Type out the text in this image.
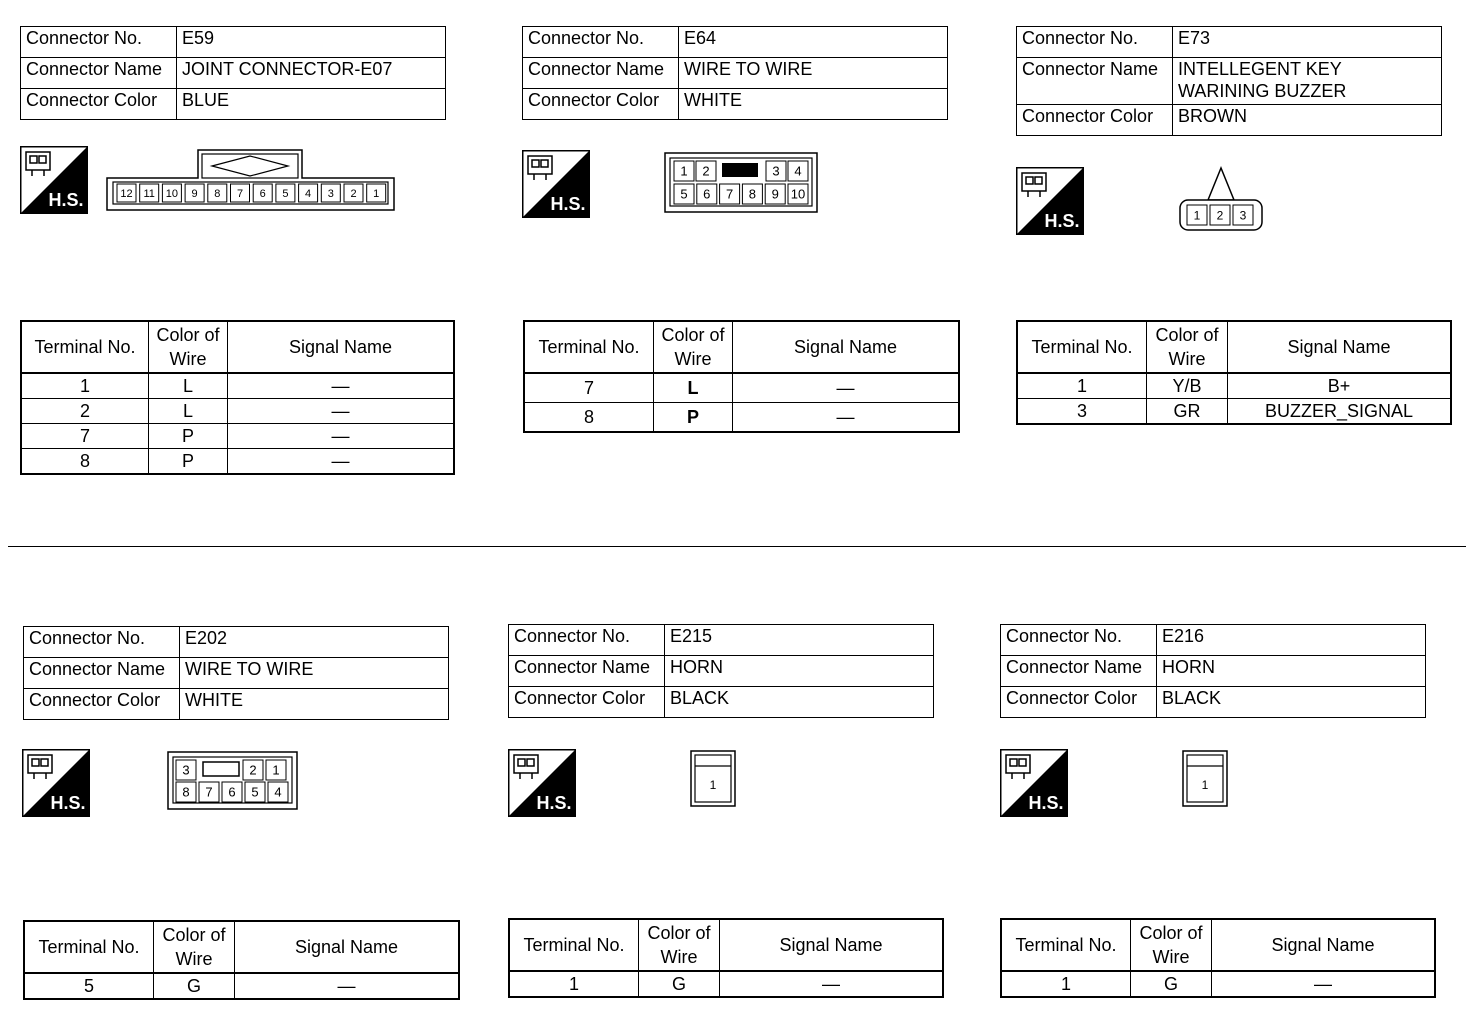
Connector No.	E59
Connector Name	JOINT CONNECTOR-E07
Connector Color	BLUE
H.S.	12 11 10 9 8 7 6 5 4 3 2 1
Terminal No.	Color of Wire	Signal Name
1	L	—
2	L	—
7	P	—
8	P	—
Connector No.	E64
Connector Name	WIRE TO WIRE
Connector Color	WHITE
H.S.
1 2	3 4
5 6 7 8 9 10
Terminal No.	Color of Wire	Signal Name
7	L	—
8	P	—
Connector No.	E73
Connector Name	INTELLEGENT KEY
WARINING BUZZER

Connector Color	BROWN
H.S.	1 2 3
Terminal No.	Color of Wire	Signal Name
1	Y/B	B+
3	GR	BUZZER_SIGNAL
Connector No.	E202
Connector Name	WIRE TO WIRE
Connector Color	WHITE
H.S.
3	2 1
8 7 6 5 4
Terminal No.	Color of Wire	Signal Name
5	G	—
Connector No.	E215
Connector Name	HORN
Connector Color	BLACK
H.S.
1
Terminal No.	Color of Wire	Signal Name
1	G	—
Connector No.	E216
Connector Name	HORN
Connector Color	BLACK
H.S.
1
Terminal No.	Color of Wire	Signal Name
1	G	—
